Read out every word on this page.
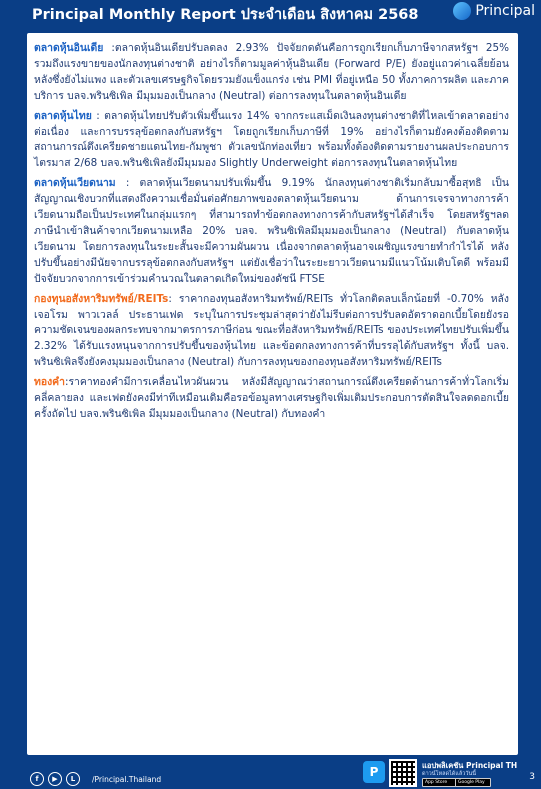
Principal Monthly Report ประจำเดือน สิงหาคม 2568	Principal

ตลาดหุ้นอินเดีย :ตลาดหุ้นอินเดียปรับลดลง 2.93% ปัจจัยกดดันคือการถูกเรียกเก็บภาษีจากสหรัฐฯ 25% รวมถึงแรงขายของนักลงทุนต่างชาติ อย่างไรก็ตามมูลค่าหุ้นอินเดีย (Forward P/E) ยังอยู่แถวค่าเฉลี่ยย้อนหลังซึ่งยังไม่แพง และตัวเลขเศรษฐกิจโดยรวมยังแข็งแกร่ง เช่น PMI ที่อยู่เหนือ 50 ทั้งภาคการผลิต และภาคบริการ บลจ.พรินซิเพิล มีมุมมองเป็นกลาง (Neutral) ต่อการลงทุนในตลาดหุ้นอินเดีย

ตลาดหุ้นไทย : ตลาดหุ้นไทยปรับตัวเพิ่มขึ้นแรง 14% จากกระแสเม็ดเงินลงทุนต่างชาติที่ไหลเข้าตลาดอย่างต่อเนื่อง และการบรรลุข้อตกลงกับสหรัฐฯ โดยถูกเรียกเก็บภาษีที่ 19% อย่างไรก็ตามยังคงต้องติดตามสถานการณ์ตึงเครียดชายแดนไทย-กัมพูชา ตัวเลขนักท่องเที่ยว พร้อมทั้งต้องติดตามรายงานผลประกอบการไตรมาส 2/68 บลจ.พรินซิเพิลยังมีมุมมอง Slightly Underweight ต่อการลงทุนในตลาดหุ้นไทย

ตลาดหุ้นเวียดนาม : ตลาดหุ้นเวียดนามปรับเพิ่มขึ้น 9.19% นักลงทุนต่างชาติเริ่มกลับมาซื้อสุทธิ เป็นสัญญาณเชิงบวกที่แสดงถึงความเชื่อมั่นต่อศักยภาพของตลาดหุ้นเวียดนาม ด้านการเจรจาทางการค้า เวียดนามถือเป็นประเทศในกลุ่มแรกๆ ที่สามารถทำข้อตกลงทางการค้ากับสหรัฐฯได้สำเร็จ โดยสหรัฐฯลดภาษีนำเข้าสินค้าจากเวียดนามเหลือ 20% บลจ. พรินซิเพิลมีมุมมองเป็นกลาง (Neutral) กับตลาดหุ้นเวียดนาม โดยการลงทุนในระยะสั้นจะมีความผันผวน เนื่องจากตลาดหุ้นอาจเผชิญแรงขายทำกำไรได้ หลังปรับขึ้นอย่างมีนัยจากบรรลุข้อตกลงกับสหรัฐฯ แต่ยังเชื่อว่าในระยะยาวเวียดนามมีแนวโน้มเติบโตดี พร้อมมีปัจจัยบวกจากการเข้าร่วมคำนวณในตลาดเกิดใหม่ของดัชนี FTSE

กองทุนอสังหาริมทรัพย์/REITs: ราคากองทุนอสังหาริมทรัพย์/REITs ทั่วโลกติดลบเล็กน้อยที่ -0.70% หลังเจอโรม พาวเวลล์ ประธานเฟด ระบุในการประชุมล่าสุดว่ายังไม่รีบต่อการปรับลดอัตราดอกเบี้ยโดยยังรอความชัดเจนของผลกระทบจากมาตรการภาษีก่อน ขณะที่อสังหาริมทรัพย์/REITs ของประเทศไทยปรับเพิ่มขึ้น 2.32% ได้รับแรงหนุนจากการปรับขึ้นของหุ้นไทย และข้อตกลงทางการค้าที่บรรลุได้กับสหรัฐฯ ทั้งนี้ บลจ. พรินซิเพิลจึงยังคงมุมมองเป็นกลาง (Neutral) กับการลงทุนของกองทุนอสังหาริมทรัพย์/REITs

ทองคำ:ราคาทองคำมีการเคลื่อนไหวผันผวน หลังมีสัญญาณว่าสถานการณ์ตึงเครียดด้านการค้าทั่วโลกเริ่มคลี่คลายลง และเฟดยังคงมีท่าทีเหมือนเดิมคือรอข้อมูลทางเศรษฐกิจเพิ่มเติมประกอบการตัดสินใจลดดอกเบี้ยครั้งถัดไป บลจ.พรินซิเพิล มีมุมมองเป็นกลาง (Neutral) กับทองคำ

f	▶	L	/Principal.Thailand	P	แอปพลิเคชัน Principal TH
ดาวน์โหลดได้แล้ววันนี้
App Store	Google Play
3
